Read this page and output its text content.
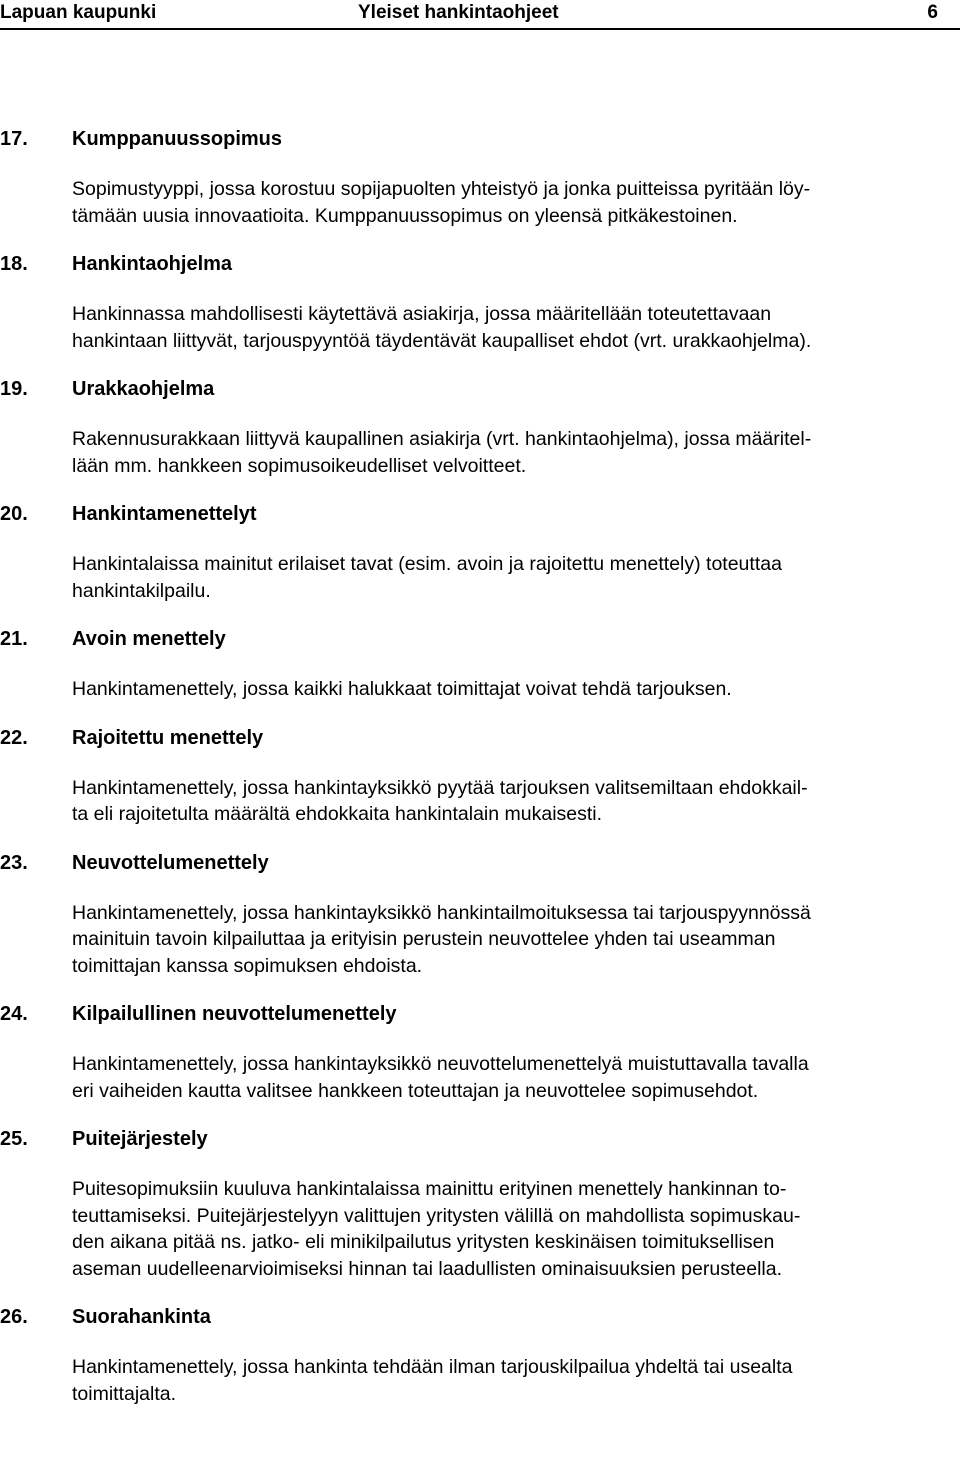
Lapuan kaupunki	Yleiset hankintaohjeet	6
17. Kumppanuussopimus
Sopimustyyppi, jossa korostuu sopijapuolten yhteistyö ja jonka puitteissa pyritään löy-
tämään uusia innovaatioita. Kumppanuussopimus on yleensä pitkäkestoinen.
18. Hankintaohjelma
Hankinnassa mahdollisesti käytettävä asiakirja, jossa määritellään toteutettavaan
hankintaan liittyvät, tarjouspyyntöä täydentävät kaupalliset ehdot (vrt. urakkaohjelma).
19. Urakkaohjelma
Rakennusurakkaan liittyvä kaupallinen asiakirja (vrt. hankintaohjelma), jossa määritel-
lään mm. hankkeen sopimusoikeudelliset velvoitteet.
20. Hankintamenettelyt
Hankintalaissa mainitut erilaiset tavat (esim. avoin ja rajoitettu menettely) toteuttaa
hankintakilpailu.
21. Avoin menettely
Hankintamenettely, jossa kaikki halukkaat toimittajat voivat tehdä tarjouksen.
22. Rajoitettu menettely
Hankintamenettely, jossa hankintayksikkö pyytää tarjouksen valitsemiltaan ehdokkail-
ta eli rajoitetulta määrältä ehdokkaita hankintalain mukaisesti.
23. Neuvottelumenettely
Hankintamenettely, jossa hankintayksikkö hankintailmoituksessa tai tarjouspyynnössä
mainituin tavoin kilpailuttaa ja erityisin perustein neuvottelee yhden tai useamman
toimittajan kanssa sopimuksen ehdoista.
24. Kilpailullinen neuvottelumenettely
Hankintamenettely, jossa hankintayksikkö neuvottelumenettelyä muistuttavalla tavalla
eri vaiheiden kautta valitsee hankkeen toteuttajan ja neuvottelee sopimusehdot.
25. Puitejärjestely
Puitesopimuksiin kuuluva hankintalaissa mainittu erityinen menettely hankinnan to-
teuttamiseksi. Puitejärjestelyyn valittujen yritysten välillä on mahdollista sopimuskau-
den aikana pitää ns. jatko- eli minikilpailutus yritysten keskinäisen toimituksellisen
aseman uudelleenarvioimiseksi hinnan tai laadullisten ominaisuuksien perusteella.
26. Suorahankinta
Hankintamenettely, jossa hankinta tehdään ilman tarjouskilpailua yhdeltä tai usealta
toimittajalta.
